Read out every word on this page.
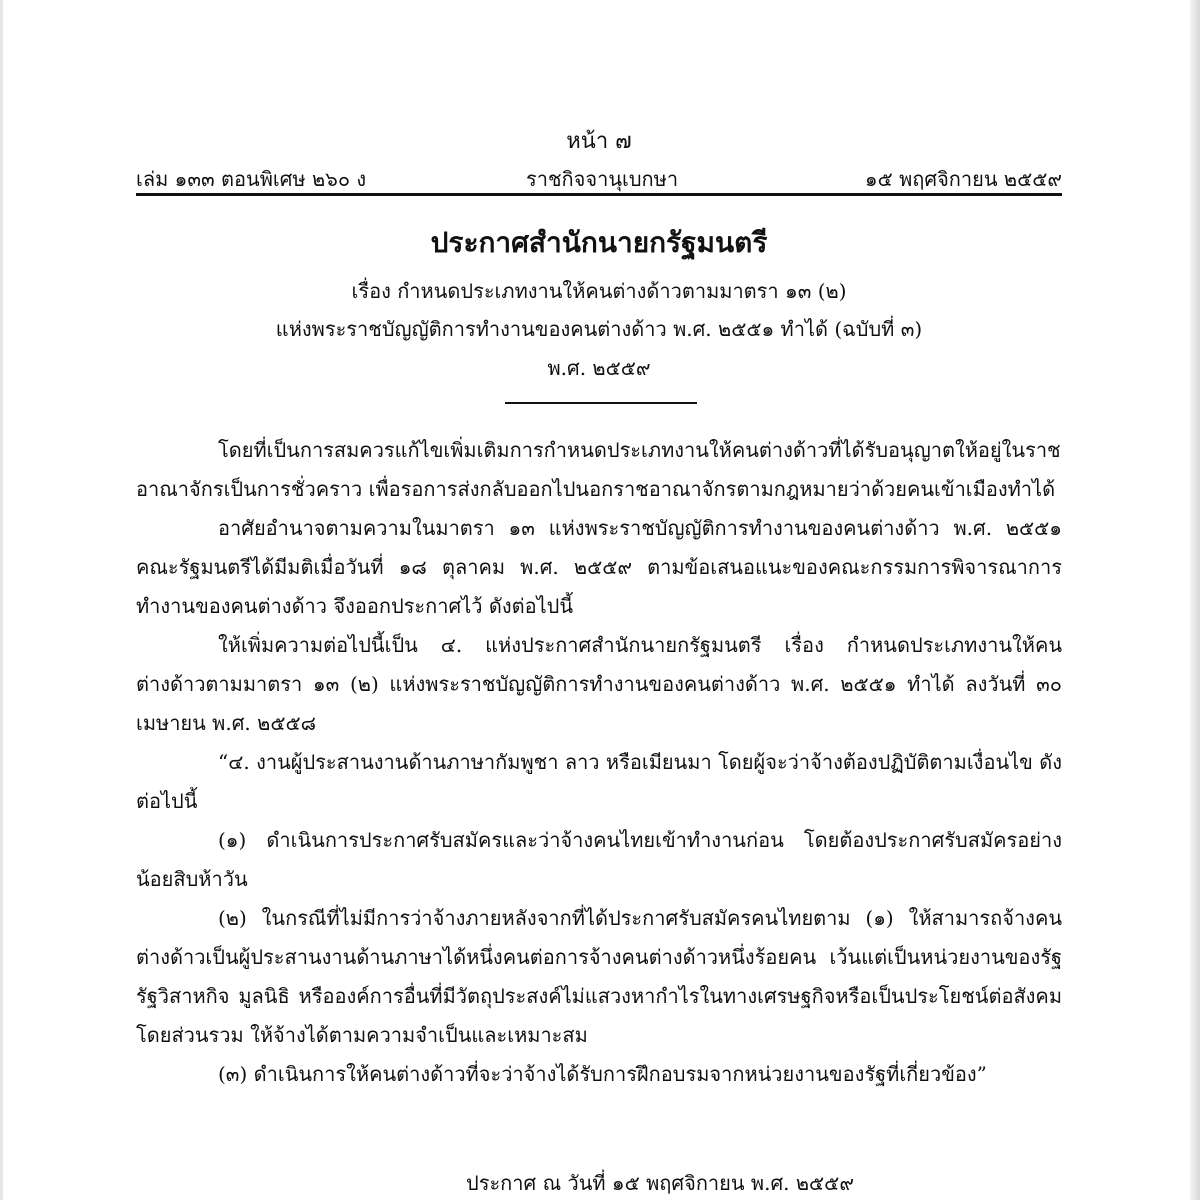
หน้า ๗
เล่ม ๑๓๓ ตอนพิเศษ ๒๖๐ ง	ราชกิจจานุเบกษา	๑๕ พฤศจิกายน ๒๕๕๙
ประกาศสำนักนายกรัฐมนตรี
เรื่อง กำหนดประเภทงานให้คนต่างด้าวตามมาตรา ๑๓ (๒)
แห่งพระราชบัญญัติการทำงานของคนต่างด้าว พ.ศ. ๒๕๕๑ ทำได้ (ฉบับที่ ๓)
พ.ศ. ๒๕๕๙

โดยที่เป็นการสมควรแก้ไขเพิ่มเติมการกำหนดประเภทงานให้คนต่างด้าวที่ได้รับอนุญาตให้อยู่ในราชอาณาจักรเป็นการชั่วคราว เพื่อรอการส่งกลับออกไปนอกราชอาณาจักรตามกฎหมายว่าด้วยคนเข้าเมืองทำได้

อาศัยอำนาจตามความในมาตรา ๑๓ แห่งพระราชบัญญัติการทำงานของคนต่างด้าว พ.ศ. ๒๕๕๑ คณะรัฐมนตรีได้มีมติเมื่อวันที่ ๑๘ ตุลาคม พ.ศ. ๒๕๕๙ ตามข้อเสนอแนะของคณะกรรมการพิจารณาการทำงานของคนต่างด้าว จึงออกประกาศไว้ ดังต่อไปนี้

ให้เพิ่มความต่อไปนี้เป็น ๔. แห่งประกาศสำนักนายกรัฐมนตรี เรื่อง กำหนดประเภทงานให้คนต่างด้าวตามมาตรา ๑๓ (๒) แห่งพระราชบัญญัติการทำงานของคนต่างด้าว พ.ศ. ๒๕๕๑ ทำได้ ลงวันที่ ๓๐ เมษายน พ.ศ. ๒๕๕๘

“๔. งานผู้ประสานงานด้านภาษากัมพูชา ลาว หรือเมียนมา โดยผู้จะว่าจ้างต้องปฏิบัติตามเงื่อนไข ดังต่อไปนี้

(๑) ดำเนินการประกาศรับสมัครและว่าจ้างคนไทยเข้าทำงานก่อน โดยต้องประกาศรับสมัครอย่างน้อยสิบห้าวัน

(๒) ในกรณีที่ไม่มีการว่าจ้างภายหลังจากที่ได้ประกาศรับสมัครคนไทยตาม (๑) ให้สามารถจ้างคนต่างด้าวเป็นผู้ประสานงานด้านภาษาได้หนึ่งคนต่อการจ้างคนต่างด้าวหนึ่งร้อยคน เว้นแต่เป็นหน่วยงานของรัฐ รัฐวิสาหกิจ มูลนิธิ หรือองค์การอื่นที่มีวัตถุประสงค์ไม่แสวงหากำไรในทางเศรษฐกิจหรือเป็นประโยชน์ต่อสังคมโดยส่วนรวม ให้จ้างได้ตามความจำเป็นและเหมาะสม

(๓) ดำเนินการให้คนต่างด้าวที่จะว่าจ้างได้รับการฝึกอบรมจากหน่วยงานของรัฐที่เกี่ยวข้อง”

ประกาศ ณ วันที่ ๑๕ พฤศจิกายน พ.ศ. ๒๕๕๙
